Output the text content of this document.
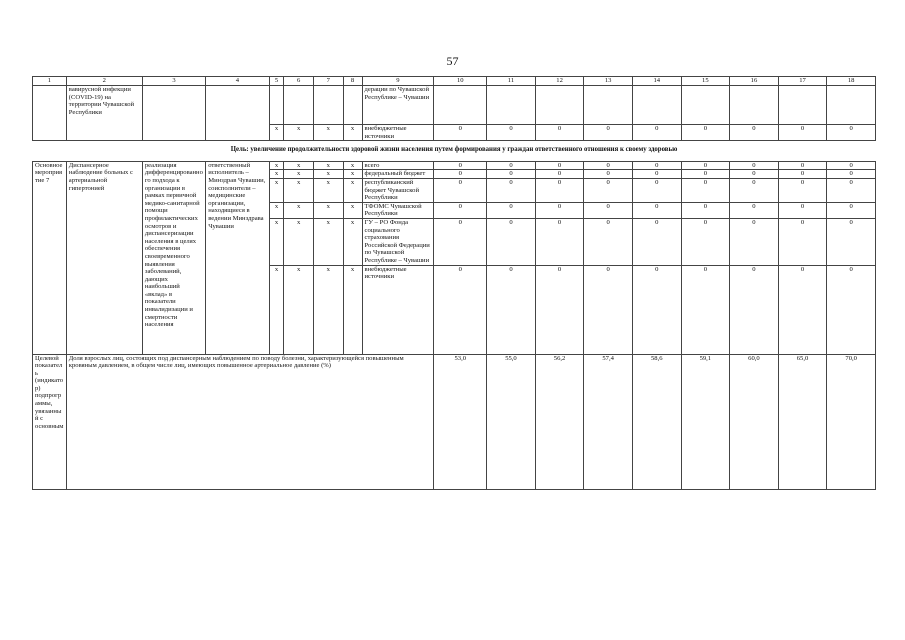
57
1	2	3	4	5	6	7	8	9	10	11	12	13	14	15	16	17	18
	вавирусной инфекции (COVID-19) на территории Чувашской Республики							дерации по Чувашской Республике – Чувашии									
				x	x	x	x	внебюджетные источники	0	0	0	0	0	0	0	0	0
Цель: увеличение продолжительности здоровой жизни населения путем формирования у граждан ответственного отношения к своему здоровью																	
Основное мероприятие 7	Диспансерное наблюдение больных с артериальной гипертонией	реализация дифференцированного подхода к организации в рамках первичной медико-санитарной помощи профилактических осмотров и диспансеризации населения в целях обеспечения своевременного выявления заболеваний, дающих наибольший «вклад» в показатели инвалидизации и смертности населения	ответственный исполнитель – Минздрав Чувашии, соисполнители – медицинские организации, находящиеся в ведении Минздрава Чувашии	x	x	x	x	всего	0	0	0	0	0	0	0	0	0
				x	x	x	x	федеральный бюджет	0	0	0	0	0	0	0	0	0
				x	x	x	x	республиканский бюджет Чувашской Республики	0	0	0	0	0	0	0	0	0
				x	x	x	x	ТФОМС Чувашской Республики	0	0	0	0	0	0	0	0	0
				x	x	x	x	ГУ – РО Фонда социального страхования Российской Федерации по Чувашской Республике – Чувашии	0	0	0	0	0	0	0	0	0
				x	x	x	x	внебюджетные источники	0	0	0	0	0	0	0	0	0
Целевой показатель (индикатор) подпрограммы, увязанный с основным	Доля взрослых лиц, состоящих под диспансерным наблюдением по поводу болезни, характеризующейся повышенным кровяным давлением, в общем числе лиц, имеющих повышенное артериальное давление (%)								53,0	55,0	56,2	57,4	58,6	59,1	60,0	65,0	70,0
